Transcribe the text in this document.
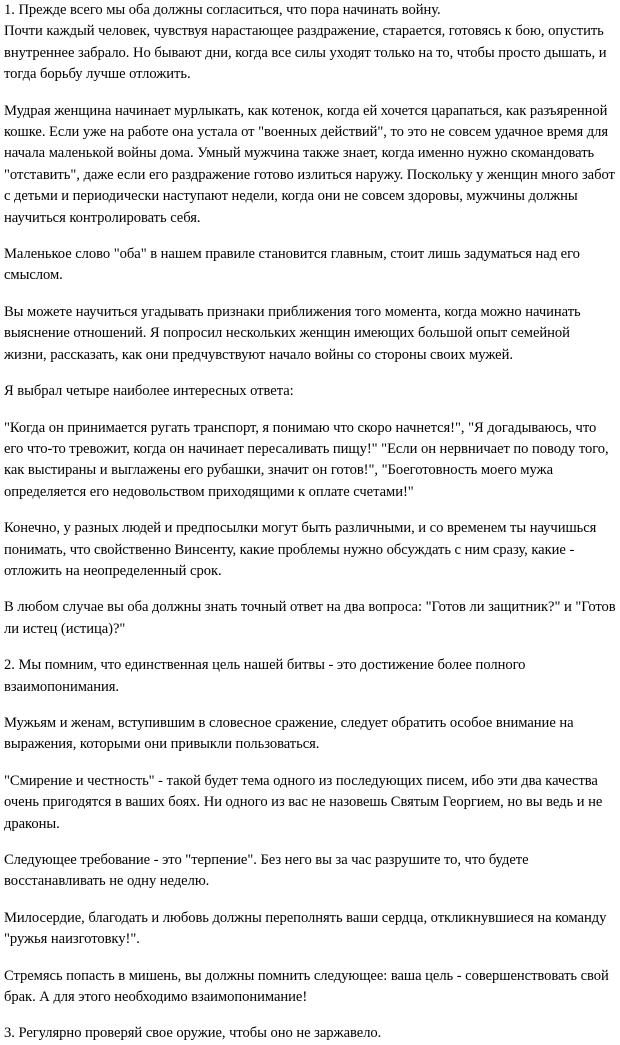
1. Прежде всего мы оба должны согласиться, что пора начинать войну.

Почти каждый человек, чувствуя нарастающее раздражение, старается, готовясь к бою, опустить внутреннее забрало. Но бывают дни, когда все силы уходят только на то, чтобы просто дышать, и тогда борьбу лучше отложить.

Мудрая женщина начинает мурлыкать, как котенок, когда ей хочется царапаться, как разъяренной кошке. Если уже на работе она устала от "военных действий", то это не совсем удачное время для начала маленькой войны дома. Умный мужчина также знает, когда именно нужно скомандовать "отставить", даже если его раздражение готово излиться наружу. Поскольку у женщин много забот с детьми и периодически наступают недели, когда они не совсем здоровы, мужчины должны научиться контролировать себя.

Маленькое слово "оба" в нашем правиле становится главным, стоит лишь задуматься над его смыслом.

Вы можете научиться угадывать признаки приближения того момента, когда можно начинать выяснение отношений. Я попросил нескольких женщин имеющих большой опыт семейной жизни, рассказать, как они предчувствуют начало войны со стороны своих мужей.

Я выбрал четыре наиболее интересных ответа:

"Когда он принимается ругать транспорт, я понимаю что скоро начнется!", "Я догадываюсь, что его что-то тревожит, когда он начинает пересаливать пищу!" "Если он нервничает по поводу того, как выстираны и выглажены его рубашки, значит он готов!", "Боеготовность моего мужа определяется его недовольством приходящими к оплате счетами!"

Конечно, у разных людей и предпосылки могут быть различными, и со временем ты научишься понимать, что свойственно Винсенту, какие проблемы нужно обсуждать с ним сразу, какие - отложить на неопределенный срок.

В любом случае вы оба должны знать точный ответ на два вопроса: "Готов ли защитник?" и "Готов ли истец (истица)?"

2. Мы помним, что единственная цель нашей битвы - это достижение более полного взаимопонимания.

Мужьям и женам, вступившим в словесное сражение, следует обратить особое внимание на выражения, которыми они привыкли пользоваться.

"Смирение и честность" - такой будет тема одного из последующих писем, ибо эти два качества очень пригодятся в ваших боях. Ни одного из вас не назовешь Святым Георгием, но вы ведь и не драконы.

Следующее требование - это "терпение". Без него вы за час разрушите то, что будете восстанавливать не одну неделю.

Милосердие, благодать и любовь должны переполнять ваши сердца, откликнувшиеся на команду "ружья наизготовку!".

Стремясь попасть в мишень, вы должны помнить следующее: ваша цель - совершенствовать свой брак. А для этого необходимо взаимопонимание!

3. Регулярно проверяй свое оружие, чтобы оно не заржавело.
